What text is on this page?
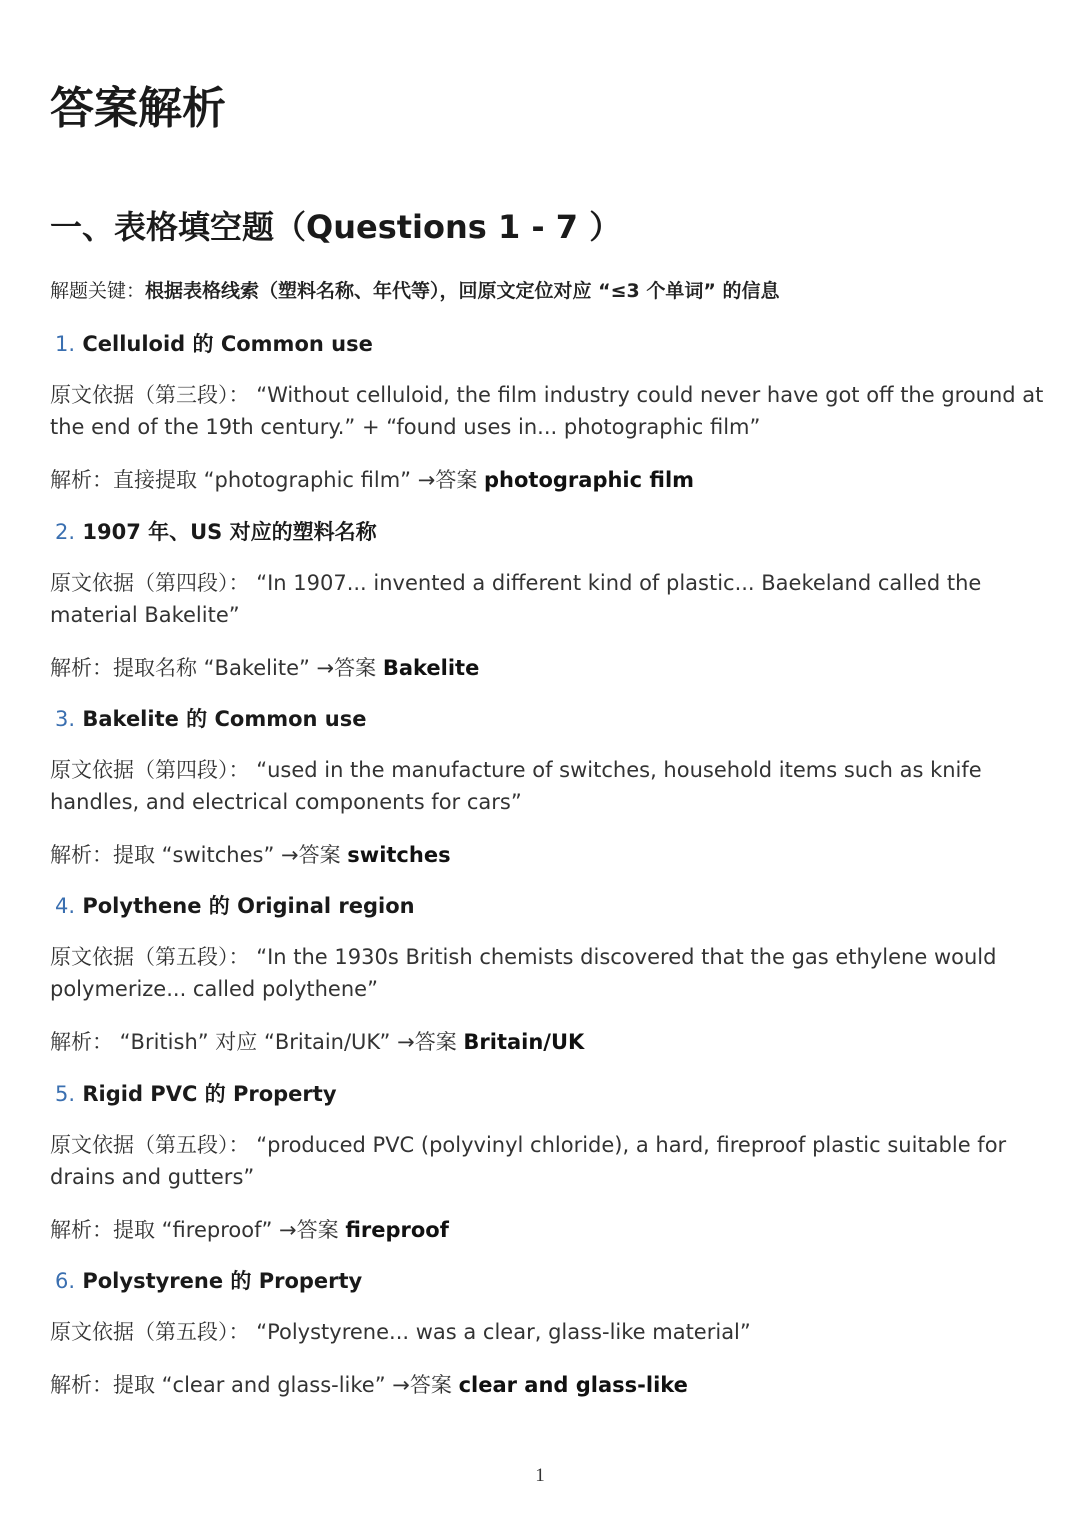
答案解析
一、表格填空题（Questions 1 - 7 ）
解题关键：根据表格线索（塑料名称、年代等），回原文定位对应 “≤3 个单词” 的信息
1. Celluloid 的 Common use
原文依据（第三段）： “Without celluloid, the film industry could never have got off the ground at the end of the 19th century.” + “found uses in... photographic film”
解析：直接提取 “photographic film” →答案 photographic film
2. 1907 年、US 对应的塑料名称
原文依据（第四段）： “In 1907... invented a different kind of plastic... Baekeland called the material Bakelite”
解析：提取名称 “Bakelite” →答案 Bakelite
3. Bakelite 的 Common use
原文依据（第四段）： “used in the manufacture of switches, household items such as knife handles, and electrical components for cars”
解析：提取 “switches” →答案 switches
4. Polythene 的 Original region
原文依据（第五段）： “In the 1930s British chemists discovered that the gas ethylene would polymerize... called polythene”
解析： “British” 对应 “Britain/UK” →答案 Britain/UK
5. Rigid PVC 的 Property
原文依据（第五段）： “produced PVC (polyvinyl chloride), a hard, fireproof plastic suitable for drains and gutters”
解析：提取 “fireproof” →答案 fireproof
6. Polystyrene 的 Property
原文依据（第五段）： “Polystyrene... was a clear, glass-like material”
解析：提取 “clear and glass-like” →答案 clear and glass-like
1
